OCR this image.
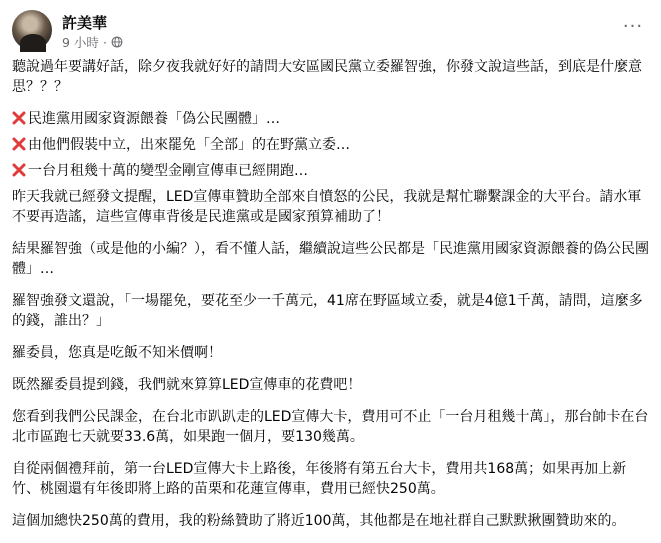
許美華
9 小時 ·
···

聽說過年要講好話，除夕夜我就好好的請問大安區國民黨立委羅智強，你發文說這些話，到底是什麼意思？？？

民進黨用國家資源餵養「偽公民團體」…

由他們假裝中立，出來罷免「全部」的在野黨立委…

一台月租幾十萬的變型金剛宣傳車已經開跑…

昨天我就已經發文提醒，LED宣傳車贊助全部來自憤怒的公民，我就是幫忙聯繫課金的大平台。請水軍不要再造謠，這些宣傳車背後是民進黨或是國家預算補助了！

結果羅智強（或是他的小編？），看不懂人話，繼續說這些公民都是「民進黨用國家資源餵養的偽公民團體」…

羅智強發文還說，「一場罷免，要花至少一千萬元，41席在野區域立委，就是4億1千萬，請問，這麼多的錢，誰出？」

羅委員，您真是吃飯不知米價啊！

既然羅委員提到錢，我們就來算算LED宣傳車的花費吧！

您看到我們公民課金，在台北市趴趴走的LED宣傳大卡，費用可不止「一台月租幾十萬」，那台帥卡在台北市區跑七天就要33.6萬，如果跑一個月，要130幾萬。

自從兩個禮拜前，第一台LED宣傳大卡上路後，年後將有第五台大卡，費用共168萬；如果再加上新竹、桃園還有年後即將上路的苗栗和花蓮宣傳車，費用已經快250萬。

這個加總快250萬的費用，我的粉絲贊助了將近100萬，其他都是在地社群自己默默揪團贊助來的。
